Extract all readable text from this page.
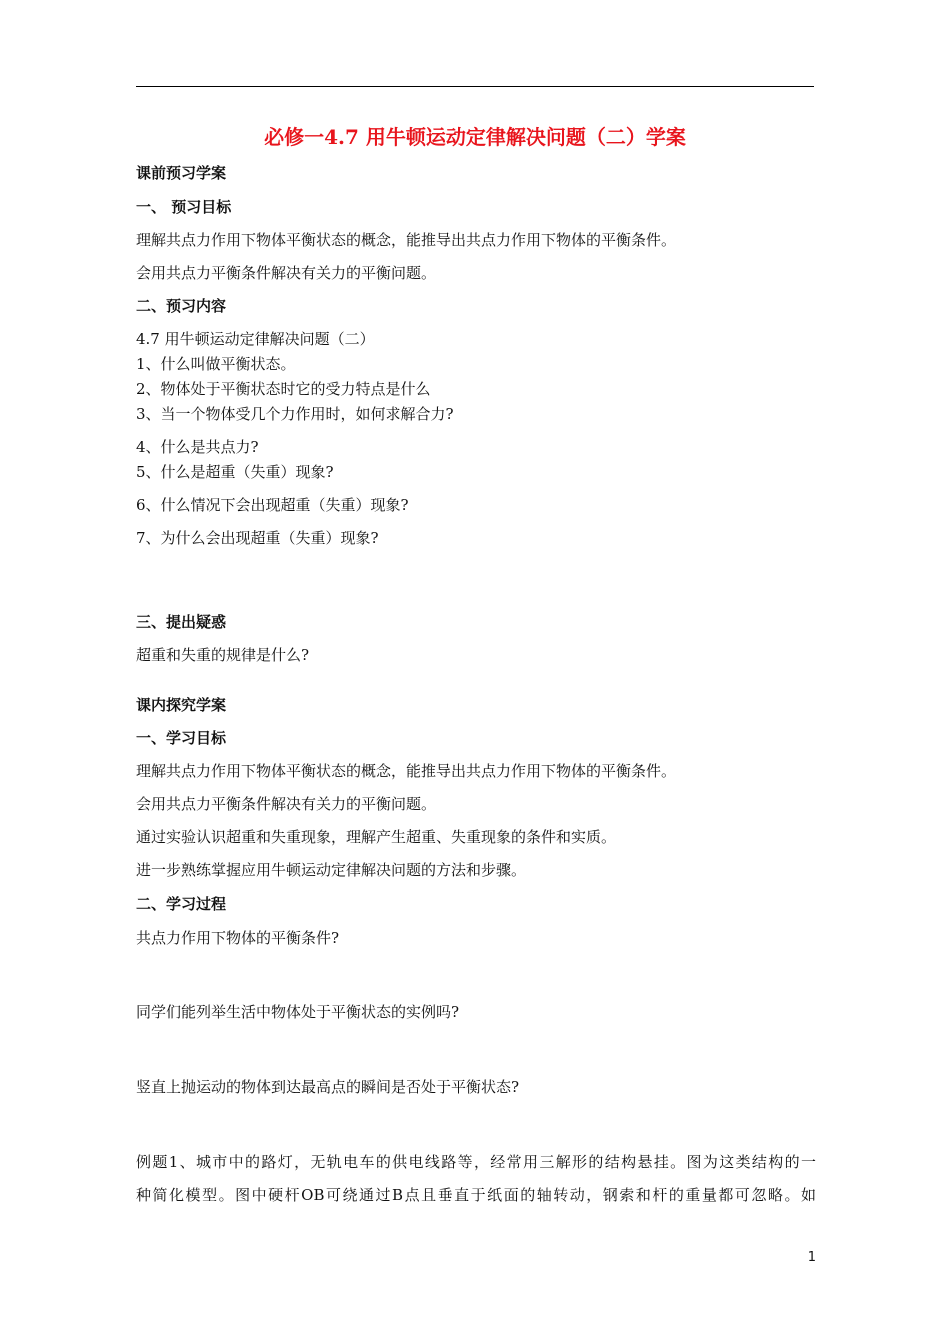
必修一4.7 用牛顿运动定律解决问题（二）学案
课前预习学案
一、 预习目标
理解共点力作用下物体平衡状态的概念，能推导出共点力作用下物体的平衡条件。
会用共点力平衡条件解决有关力的平衡问题。
二、预习内容
4.7 用牛顿运动定律解决问题（二）
1、什么叫做平衡状态。
2、物体处于平衡状态时它的受力特点是什么
3、当一个物体受几个力作用时，如何求解合力?
4、什么是共点力?
5、什么是超重（失重）现象?
6、什么情况下会出现超重（失重）现象?
7、为什么会出现超重（失重）现象?
三、提出疑惑
超重和失重的规律是什么?
课内探究学案
一、学习目标
理解共点力作用下物体平衡状态的概念，能推导出共点力作用下物体的平衡条件。
会用共点力平衡条件解决有关力的平衡问题。
通过实验认识超重和失重现象，理解产生超重、失重现象的条件和实质。
进一步熟练掌握应用牛顿运动定律解决问题的方法和步骤。
二、学习过程
共点力作用下物体的平衡条件?
同学们能列举生活中物体处于平衡状态的实例吗?
竖直上抛运动的物体到达最高点的瞬间是否处于平衡状态?
例题1、城市中的路灯，无轨电车的供电线路等，经常用三解形的结构悬挂。图为这类结构的一
种简化模型。图中硬杆OB可绕通过B点且垂直于纸面的轴转动，钢索和杆的重量都可忽略。如
1
